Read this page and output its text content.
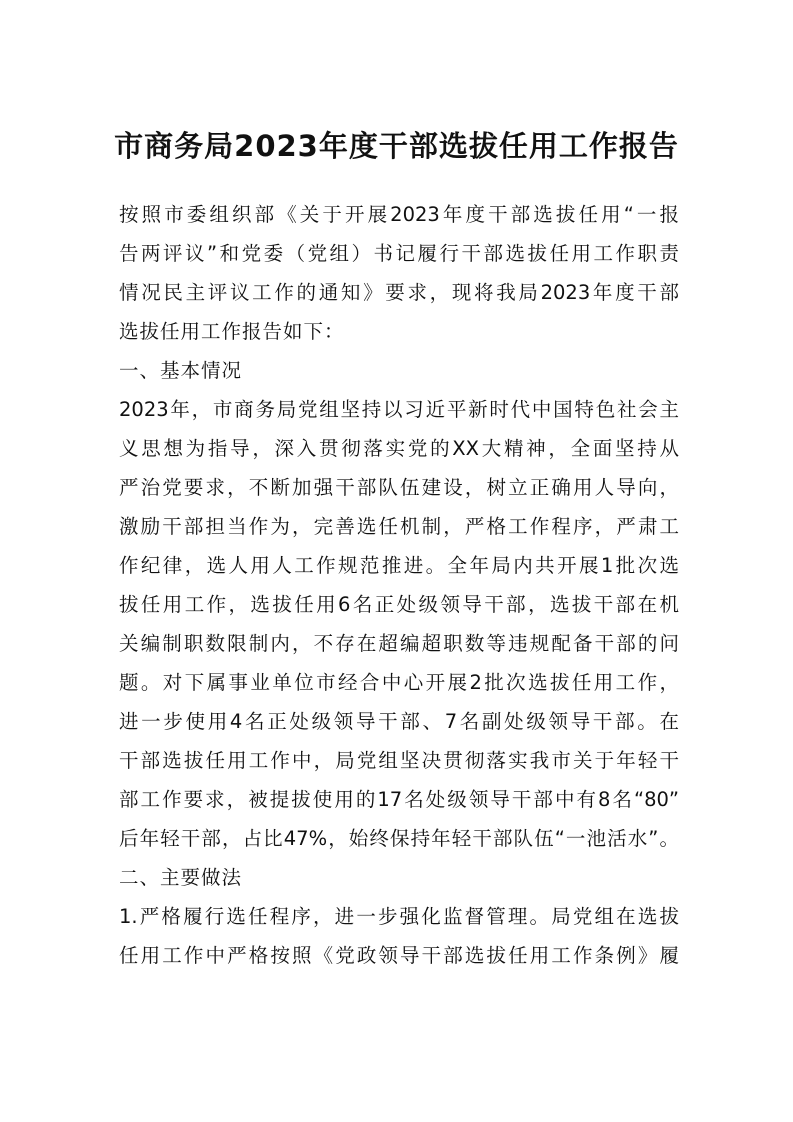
市商务局2023年度干部选拔任用工作报告
按照市委组织部《关于开展2023年度干部选拔任用“一报
告两评议”和党委（党组）书记履行干部选拔任用工作职责
情况民主评议工作的通知》要求，现将我局2023年度干部
选拔任用工作报告如下：
一、基本情况
2023年，市商务局党组坚持以习近平新时代中国特色社会主
义思想为指导，深入贯彻落实党的XX大精神，全面坚持从
严治党要求，不断加强干部队伍建设，树立正确用人导向，
激励干部担当作为，完善选任机制，严格工作程序，严肃工
作纪律，选人用人工作规范推进。全年局内共开展1批次选
拔任用工作，选拔任用6名正处级领导干部，选拔干部在机
关编制职数限制内，不存在超编超职数等违规配备干部的问
题。对下属事业单位市经合中心开展2批次选拔任用工作，
进一步使用4名正处级领导干部、7名副处级领导干部。在
干部选拔任用工作中，局党组坚决贯彻落实我市关于年轻干
部工作要求，被提拔使用的17名处级领导干部中有8名“80”
后年轻干部，占比47%，始终保持年轻干部队伍“一池活水”。
二、主要做法
1.严格履行选任程序，进一步强化监督管理。局党组在选拔
任用工作中严格按照《党政领导干部选拔任用工作条例》履
